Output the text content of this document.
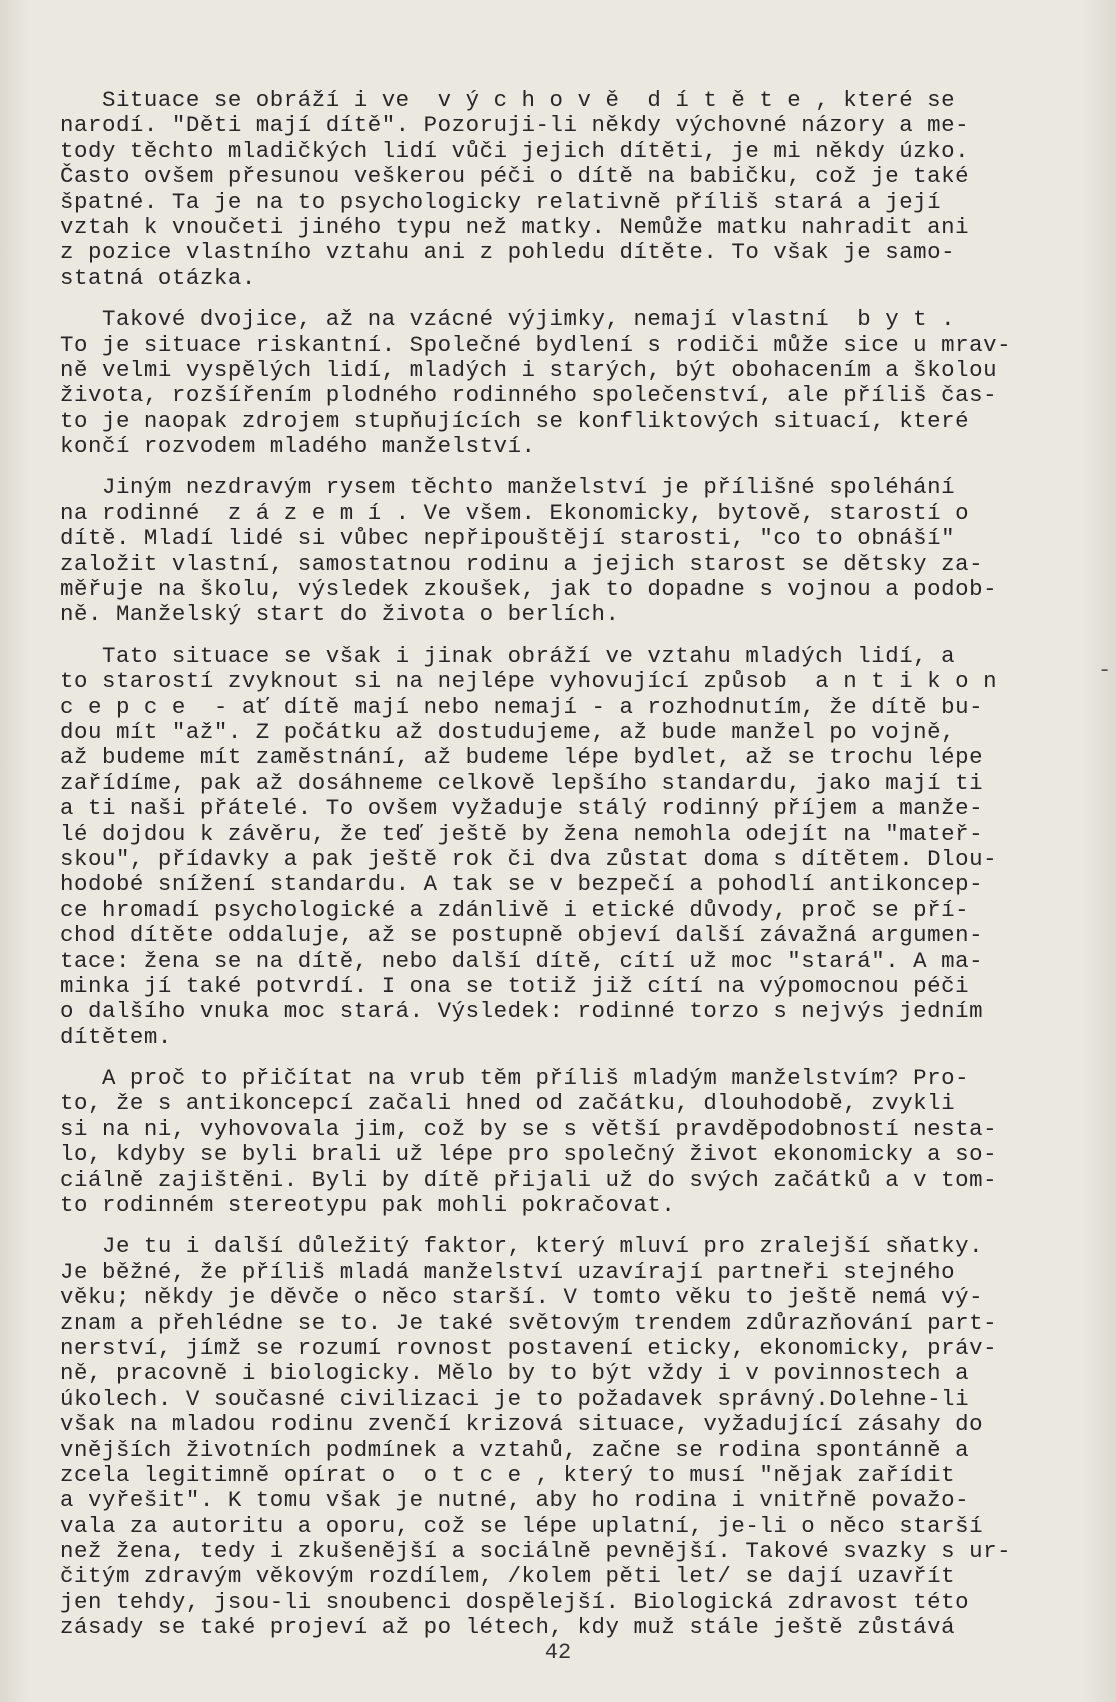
Situace se obráží i ve  v ý c h o v ě  d í t ě t e , které se
narodí. "Děti mají dítě". Pozoruji-li někdy výchovné názory a me-
tody těchto mladičkých lidí vůči jejich dítěti, je mi někdy úzko.
Často ovšem přesunou veškerou péči o dítě na babičku, což je také
špatné. Ta je na to psychologicky relativně příliš stará a její
vztah k vnoučeti jiného typu než matky. Nemůže matku nahradit ani
z pozice vlastního vztahu ani z pohledu dítěte. To však je samo-
statná otázka.
Takové dvojice, až na vzácné výjimky, nemají vlastní  b y t .
To je situace riskantní. Společné bydlení s rodiči může sice u mrav-
ně velmi vyspělých lidí, mladých i starých, být obohacením a školou
života, rozšířením plodného rodinného společenství, ale příliš čas-
to je naopak zdrojem stupňujících se konfliktových situací, které
končí rozvodem mladého manželství.
Jiným nezdravým rysem těchto manželství je přílišné spoléhání
na rodinné  z á z e m í . Ve všem. Ekonomicky, bytově, starostí o
dítě. Mladí lidé si vůbec nepřipouštějí starosti, "co to obnáší"
založit vlastní, samostatnou rodinu a jejich starost se dětsky za-
měřuje na školu, výsledek zkoušek, jak to dopadne s vojnou a podob-
ně. Manželský start do života o berlích.
Tato situace se však i jinak obráží ve vztahu mladých lidí, a
to starostí zvyknout si na nejlépe vyhovující způsob  a n t i k o n
c e p c e  - ať dítě mají nebo nemají - a rozhodnutím, že dítě bu-
dou mít "až". Z počátku až dostudujeme, až bude manžel po vojně,
až budeme mít zaměstnání, až budeme lépe bydlet, až se trochu lépe
zařídíme, pak až dosáhneme celkově lepšího standardu, jako mají ti
a ti naši přátelé. To ovšem vyžaduje stálý rodinný příjem a manže-
lé dojdou k závěru, že teď ještě by žena nemohla odejít na "mateř-
skou", přídavky a pak ještě rok či dva zůstat doma s dítětem. Dlou-
hodobé snížení standardu. A tak se v bezpečí a pohodlí antikoncep-
ce hromadí psychologické a zdánlivě i etické důvody, proč se pří-
chod dítěte oddaluje, až se postupně objeví další závažná argumen-
tace: žena se na dítě, nebo další dítě, cítí už moc "stará". A ma-
minka jí také potvrdí. I ona se totiž již cítí na výpomocnou péči
o dalšího vnuka moc stará. Výsledek: rodinné torzo s nejvýs jedním
dítětem.
A proč to přičítat na vrub těm příliš mladým manželstvím? Pro-
to, že s antikoncepcí začali hned od začátku, dlouhodobě, zvykli
si na ni, vyhovovala jim, což by se s větší pravděpodobností nesta-
lo, kdyby se byli brali už lépe pro společný život ekonomicky a so-
ciálně zajištěni. Byli by dítě přijali už do svých začátků a v tom-
to rodinném stereotypu pak mohli pokračovat.
Je tu i další důležitý faktor, který mluví pro zralejší sňatky.
Je běžné, že příliš mladá manželství uzavírají partneři stejného
věku; někdy je děvče o něco starší. V tomto věku to ještě nemá vý-
znam a přehlédne se to. Je také světovým trendem zdůrazňování part-
nerství, jímž se rozumí rovnost postavení eticky, ekonomicky, práv-
ně, pracovně i biologicky. Mělo by to být vždy i v povinnostech a
úkolech. V současné civilizaci je to požadavek správný.Dolehne-li
však na mladou rodinu zvenčí krizová situace, vyžadující zásahy do
vnějších životních podmínek a vztahů, začne se rodina spontánně a
zcela legitimně opírat o  o t c e , který to musí "nějak zařídit
a vyřešit". K tomu však je nutné, aby ho rodina i vnitřně považo-
vala za autoritu a oporu, což se lépe uplatní, je-li o něco starší
než žena, tedy i zkušenější a sociálně pevnější. Takové svazky s ur-
čitým zdravým věkovým rozdílem, /kolem pěti let/ se dají uzavřít
jen tehdy, jsou-li snoubenci dospělejší. Biologická zdravost této
zásady se také projeví až po létech, kdy muž stále ještě zůstává
-
42
